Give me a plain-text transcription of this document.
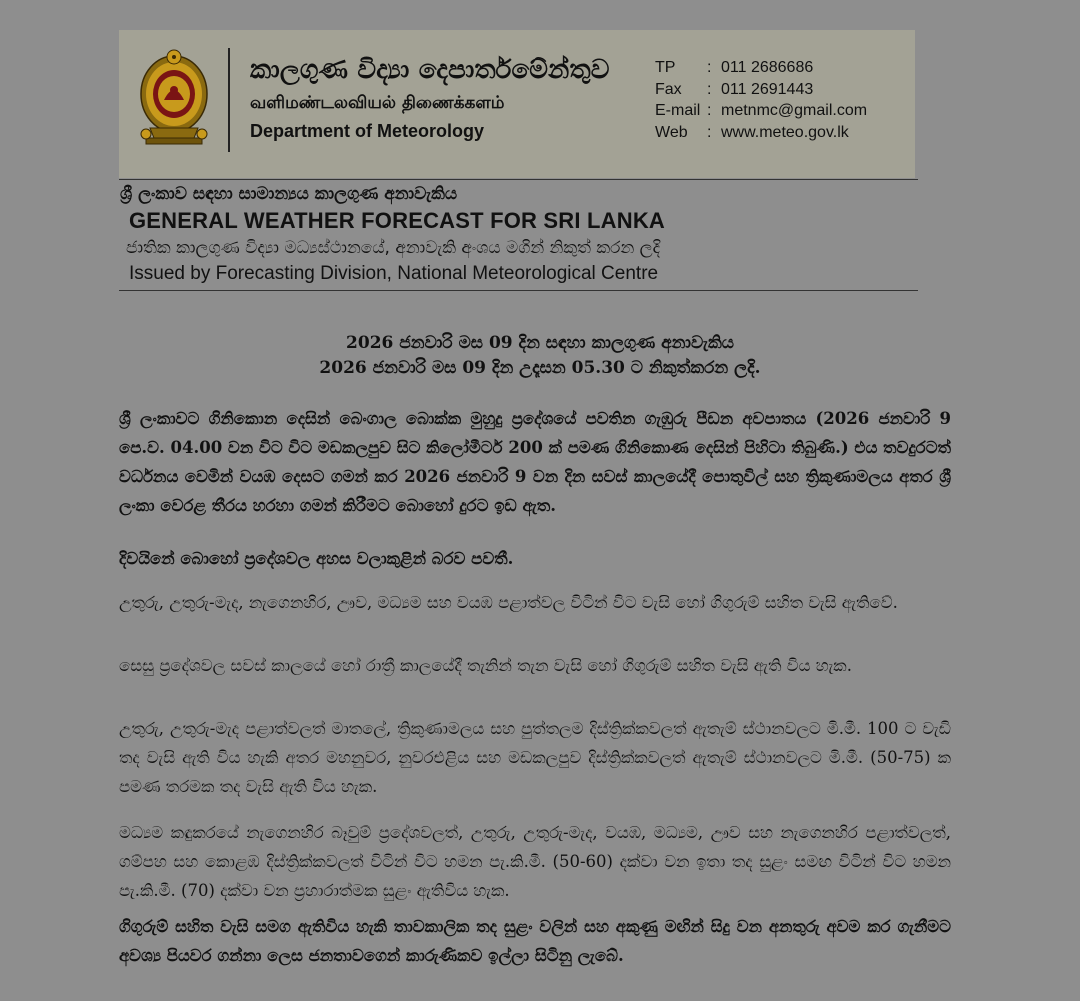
කාලගුණ විද්‍යා දෙපාර්තමේන්තුව
வளிமண்டலவியல் திணைக்களம்
Department of Meteorology
TP	: 011 2686686
Fax	: 011 2691443
E-mail : metnmc@gmail.com
Web	: www.meteo.gov.lk
ශ්‍රී ලංකාව සඳහා සාමාන්‍යය කාලගුණ අනාවැකිය
GENERAL WEATHER FORECAST FOR SRI LANKA
ජාතික කාලගුණ විද්‍යා මධ්‍යස්ථානයේ, අනාවැකි අංශය මගින් නිකුත් කරන ලදි
Issued by Forecasting Division, National Meteorological Centre
2026 ජනවාරි මස 09 දින සඳහා කාලගුණ අනාවැකිය
2026 ජනවාරි මස 09 දින උදෑසන 05.30 ට නිකුත්කරන ලදි.
ශ්‍රී ලංකාවට ගිනිකොන දෙසින් බෙංගාල බොක්ක මුහුදු ප්‍රදේශයේ පවතින ගැඹුරු පීඩන අවපාතය (2026 ජනවාරි 9 පෙ.ව. 04.00 වන විට විට මඩකලපුව සිට කිලෝමීටර් 200 ක් පමණ ගිනිකොණ දෙසින් පිහිටා තිබුණි.) එය තවදුරටත් වර්ධනය වෙමින් වයඹ දෙසට ගමන් කර 2026 ජනවාරි 9 වන දින සවස් කාලයේදී පොතුවිල් සහ ත්‍රිකුණාමලය අතර ශ්‍රී ලංකා වෙරළ තීරය හරහා ගමන් කිරීමට බොහෝ දුරට ඉඩ ඇත.
දිවයිනේ බොහෝ ප්‍රදේශවල අහස වලාකුළින් බරව පවතී.
උතුරු, උතුරු-මැද, නැගෙනහිර, ඌව, මධ්‍යම සහ වයඹ පළාත්වල විටින් විට වැසි හෝ ගිගුරුම් සහිත වැසි ඇතිවේ.
සෙසු ප්‍රදේශවල සවස් කාලයේ හෝ රාත්‍රී කාලයේදී තැනින් තැන වැසි හෝ ගිගුරුම් සහිත වැසි ඇති විය හැක.
උතුරු, උතුරු-මැද පළාත්වලත් මාතලේ, ත්‍රිකුණාමලය සහ පුත්තලම දිස්ත්‍රික්කවලත් ඇතැම් ස්ථානවලට මි.මී. 100 ට වැඩි තද වැසි ඇති විය හැකි අතර මහනුවර, නුවරඑළිය සහ මඩකලපුව දිස්ත්‍රික්කවලත් ඇතැම් ස්ථානවලට මි.මී. (50-75) ක පමණ තරමක තද වැසි ඇති විය හැක.
මධ්‍යම කඳුකරයේ නැගෙනහිර බෑවුම් ප්‍රදේශවලත්, උතුරු, උතුරු-මැද, වයඹ, මධ්‍යම, ඌව සහ නැගෙනහිර පළාත්වලත්, ගම්පහ සහ කොළඹ දිස්ත්‍රික්කවලත් විටින් විට හමන පැ.කි.මී. (50-60) දක්වා වන ඉතා තද සුළං සමඟ විටින් විට හමන පැ.කි.මී. (70) දක්වා වන ප්‍රහාරාත්මක සුළං ඇතිවිය හැක.
ගිගුරුම් සහිත වැසි සමග ඇතිවිය හැකි තාවකාලික තද සුළං වලින් සහ අකුණු මඟින් සිදු වන අනතුරු අවම කර ගැනීමට අවශ්‍ය පියවර ගන්නා ලෙස ජනතාවගෙන් කාරුණිකව ඉල්ලා සිටිනු ලැබේ.
